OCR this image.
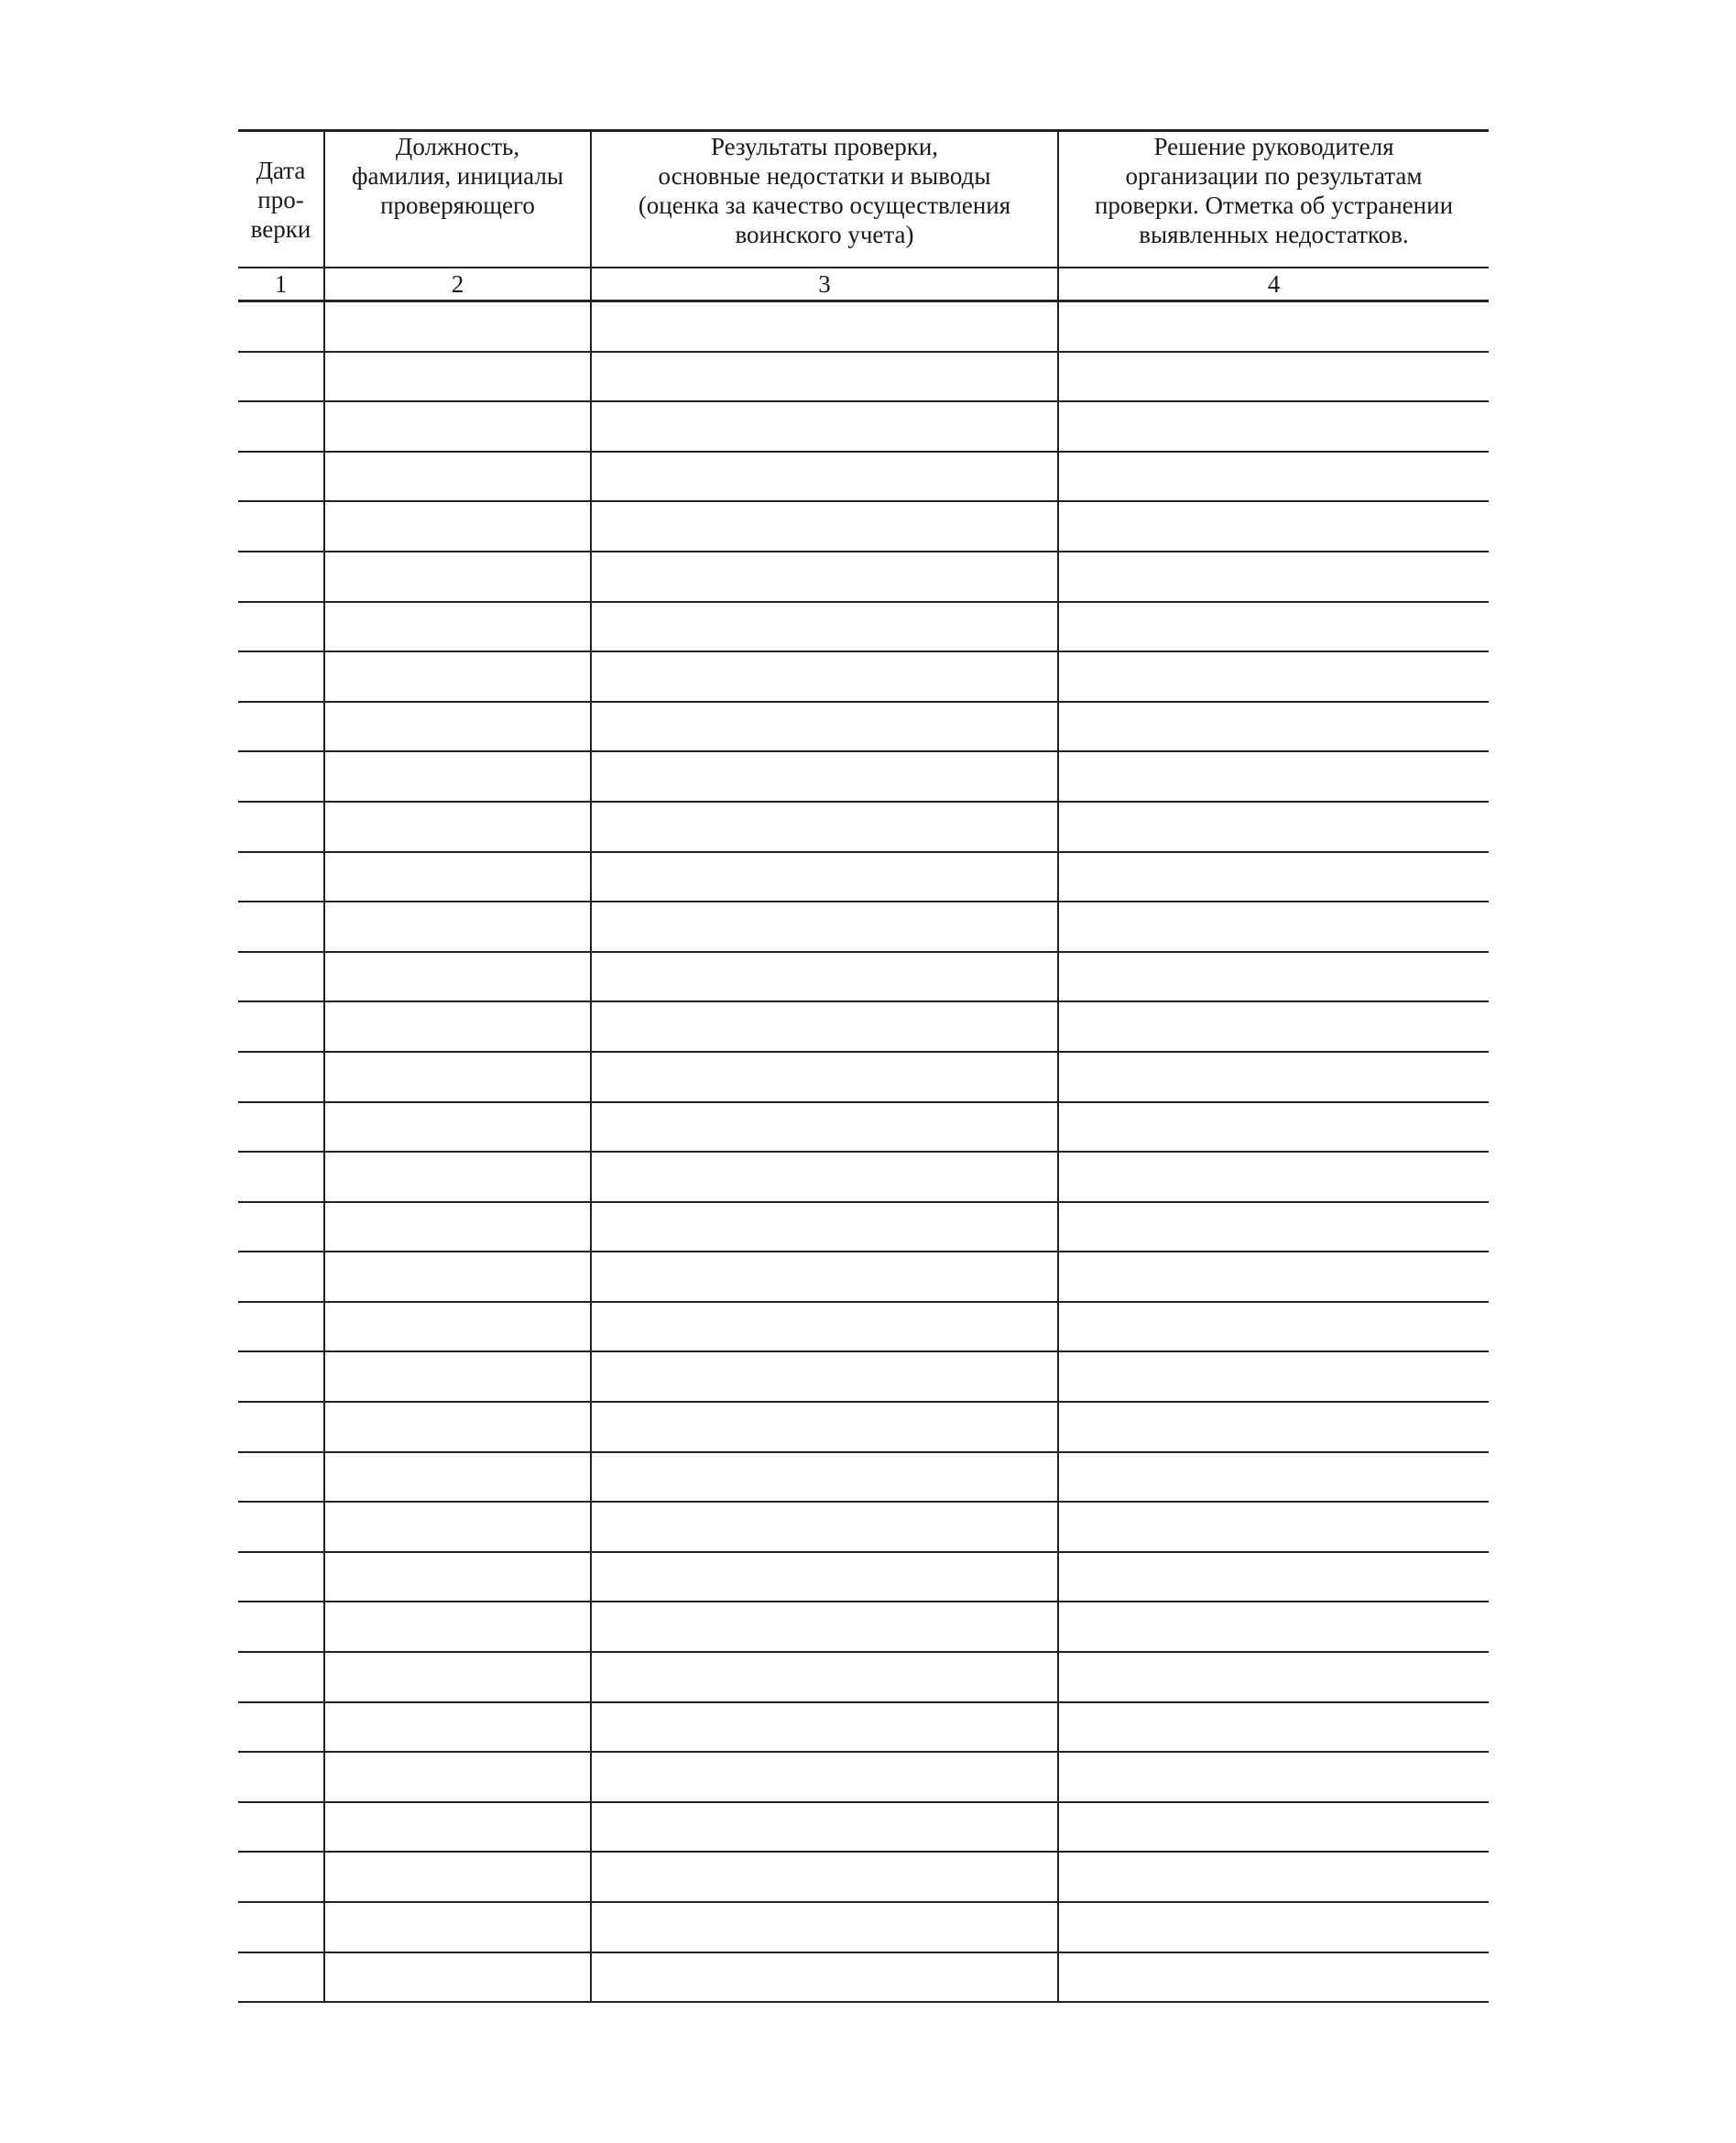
Дата
про-
верки	Должность,
фамилия, инициалы
проверяющего	Результаты проверки,
основные недостатки и выводы
(оценка за качество осуществления
воинского учета)	Решение руководителя
организации по результатам
проверки. Отметка об устранении
выявленных недостатков.
1	2	3	4
